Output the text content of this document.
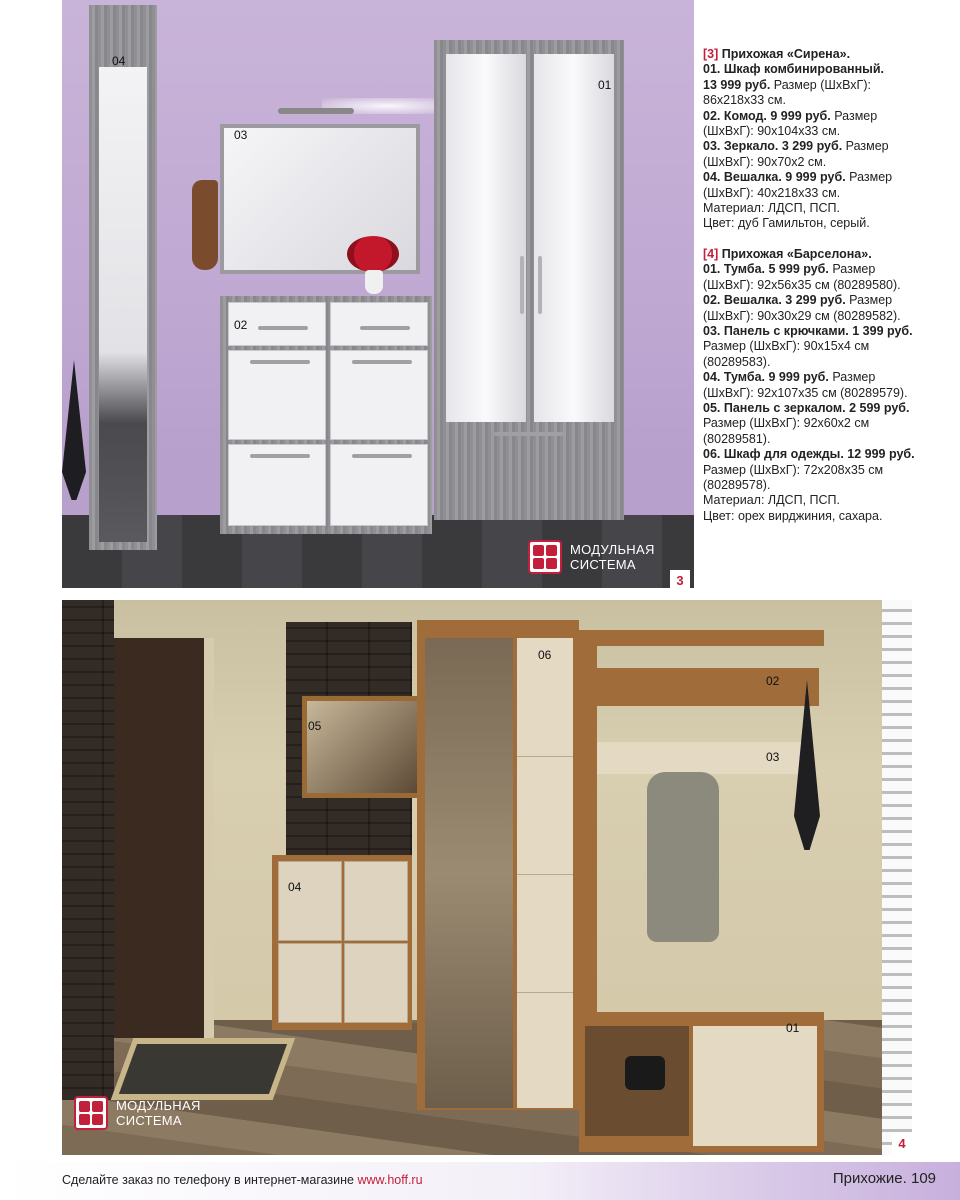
04
03
02
01
МОДУЛЬНАЯ
СИСТЕМА
3

[3] Прихожая «Сирена».

01. Шкаф комбинированный.

13 999 руб. Размер (ШхВхГ):

86х218х33 см.

02. Комод. 9 999 руб. Размер

(ШхВхГ): 90х104х33 см.

03. Зеркало. 3 299 руб. Размер

(ШхВхГ): 90х70х2 см.

04. Вешалка. 9 999 руб. Размер

(ШхВхГ): 40х218х33 см.

Материал: ЛДСП, ПСП.

Цвет: дуб Гамильтон, серый.

[4] Прихожая «Барселона».

01. Тумба. 5 999 руб. Размер

(ШхВхГ): 92х56х35 см (80289580).

02. Вешалка. 3 299 руб. Размер

(ШхВхГ): 90х30х29 см (80289582).

03. Панель с крючками. 1 399 руб.

Размер (ШхВхГ): 90х15х4 см

(80289583).

04. Тумба. 9 999 руб. Размер

(ШхВхГ): 92х107х35 см (80289579).

05. Панель с зеркалом. 2 599 руб.

Размер (ШхВхГ): 92х60х2 см

(80289581).

06. Шкаф для одежды. 12 999 руб.

Размер (ШхВхГ): 72х208х35 см

(80289578).

Материал: ЛДСП, ПСП.

Цвет: орех вирджиния, сахара.

06
02
03
05
04
01
МОДУЛЬНАЯ
СИСТЕМА
4
Сделайте заказ по телефону в интернет-магазине www.hoff.ru	Прихожие. 109
